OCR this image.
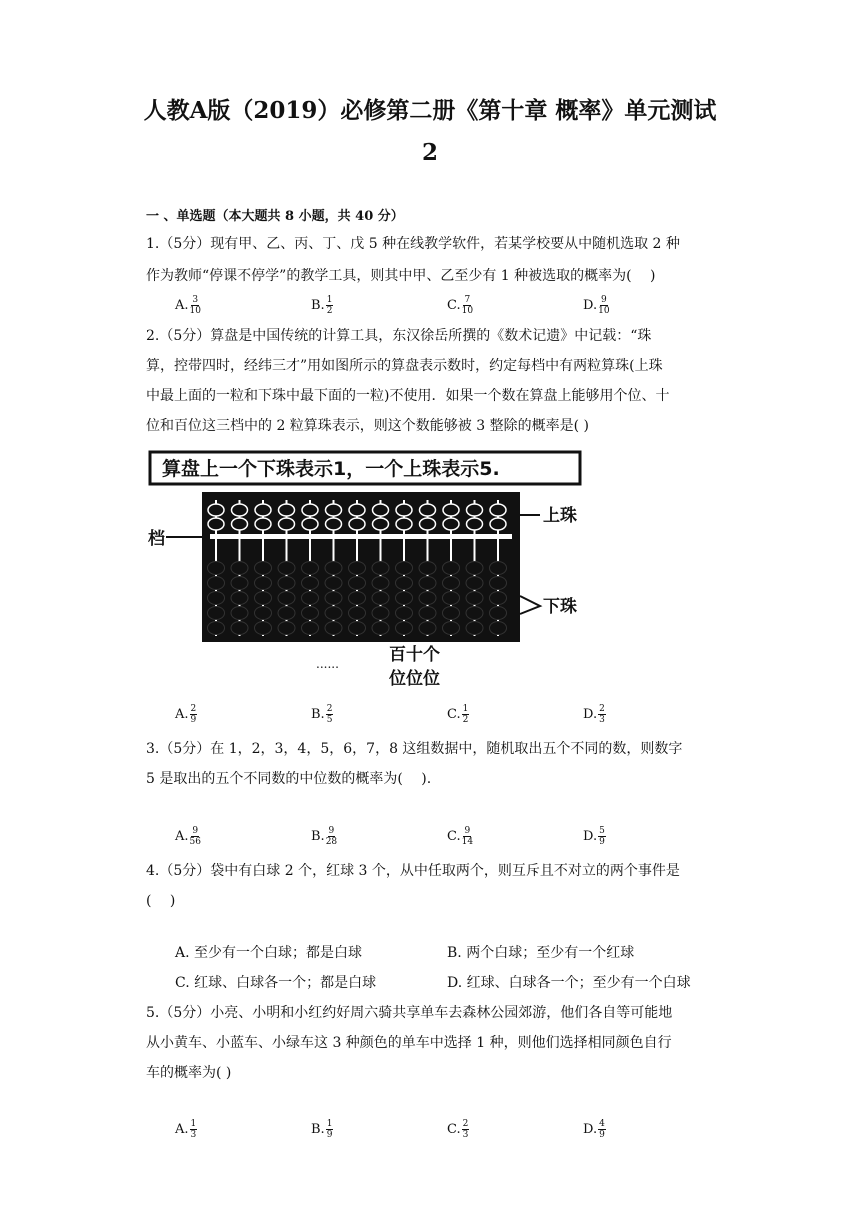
人教A版（2019）必修第二册《第十章 概率》单元测试
2
一 、单选题（本大题共 8 小题，共 40 分）
1.（5分）现有甲、乙、丙、丁、戊 5 种在线教学软件，若某学校要从中随机选取 2 种
作为教师“停课不停学”的教学工具，则其中甲、乙至少有 1 种被选取的概率为(　 )
A. $\frac{3}{10}$	B. $\frac{1}{2}$	C. $\frac{7}{10}$	D. $\frac{9}{10}$
2.（5分）算盘是中国传统的计算工具，东汉徐岳所撰的《数术记遗》中记载：“珠
算，控带四时，经纬三才”用如图所示的算盘表示数时，约定每档中有两粒算珠(上珠
中最上面的一粒和下珠中最下面的一粒)不使用．如果一个数在算盘上能够用个位、十
位和百位这三档中的 2 粒算珠表示，则这个数能够被 3 整除的概率是( )
算盘上一个下珠表示1，一个上珠表示5.
档
上珠
下珠
......	百十个
位位位
A. $\frac{2}{9}$	B. $\frac{2}{5}$	C. $\frac{1}{2}$	D. $\frac{2}{3}$
3.（5分）在 1，2，3，4，5，6，7，8 这组数据中，随机取出五个不同的数，则数字
5 是取出的五个不同数的中位数的概率为(　 ).
A. $\frac{9}{56}$	B. $\frac{9}{28}$	C. $\frac{9}{14}$	D. $\frac{5}{9}$
4.（5分）袋中有白球 2 个，红球 3 个，从中任取两个，则互斥且不对立的两个事件是
(　 )
A. 至少有一个白球；都是白球	B. 两个白球；至少有一个红球
C. 红球、白球各一个；都是白球	D. 红球、白球各一个；至少有一个白球
5.（5分）小亮、小明和小红约好周六骑共享单车去森林公园郊游，他们各自等可能地
从小黄车、小蓝车、小绿车这 3 种颜色的单车中选择 1 种，则他们选择相同颜色自行
车的概率为( )
A. $\frac{1}{3}$	B. $\frac{1}{9}$	C. $\frac{2}{3}$	D. $\frac{4}{9}$
